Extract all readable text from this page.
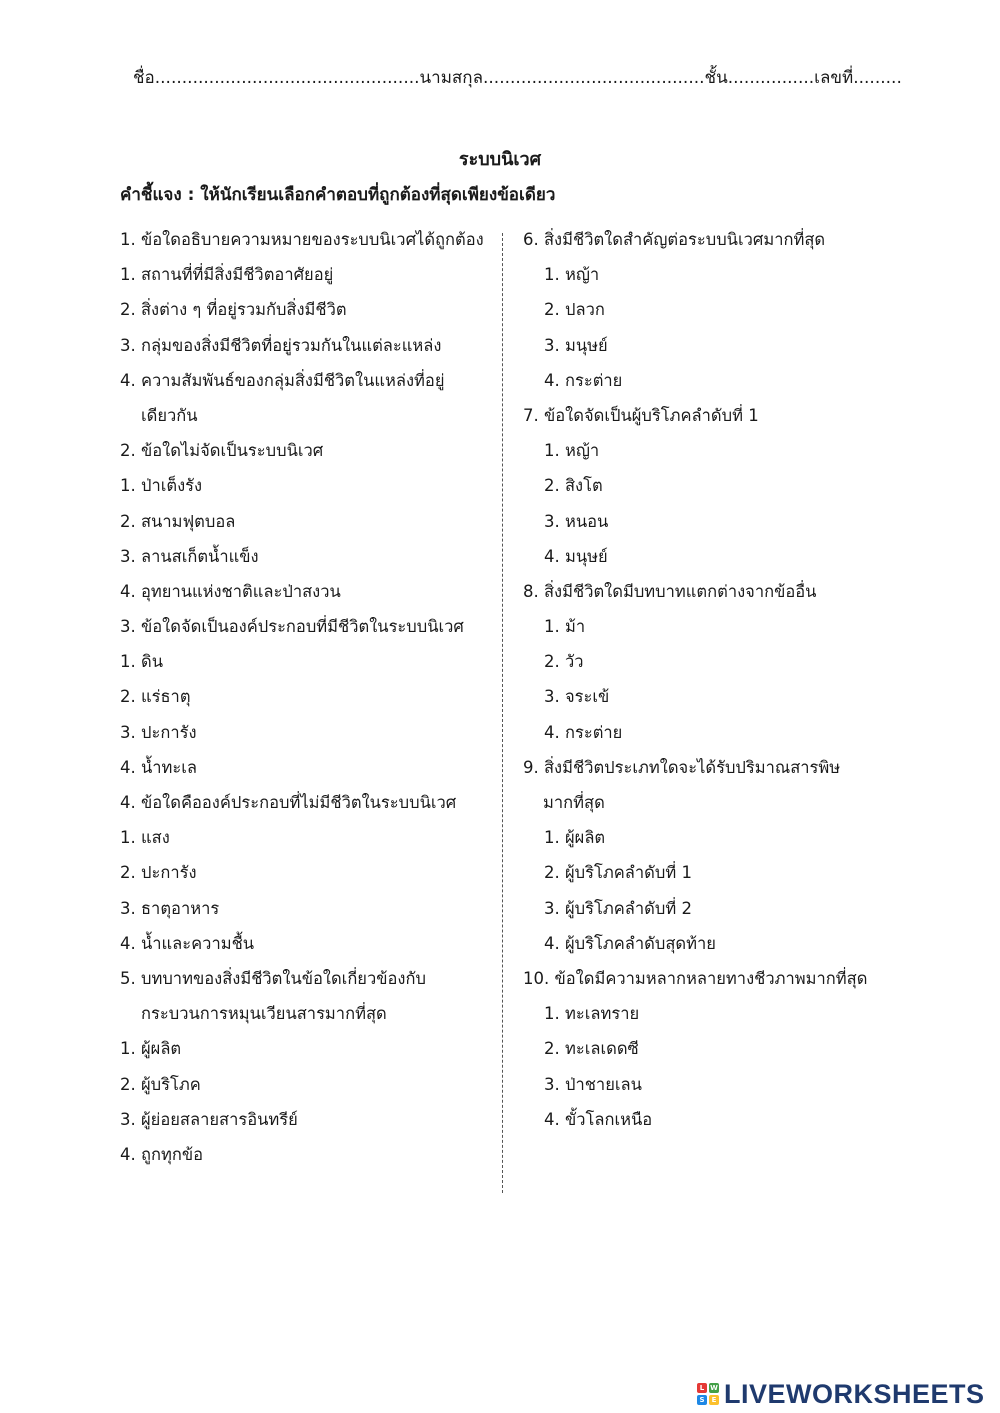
ชื่อ.................................................นามสกุล.........................................ชั้น................เลขที่.........
ระบบนิเวศ
คำชี้แจง : ให้นักเรียนเลือกคำตอบที่ถูกต้องที่สุดเพียงข้อเดียว
1. ข้อใดอธิบายความหมายของระบบนิเวศได้ถูกต้อง
1. สถานที่ที่มีสิ่งมีชีวิตอาศัยอยู่
2. สิ่งต่าง ๆ ที่อยู่รวมกับสิ่งมีชีวิต
3. กลุ่มของสิ่งมีชีวิตที่อยู่รวมกันในแต่ละแหล่ง
4. ความสัมพันธ์ของกลุ่มสิ่งมีชีวิตในแหล่งที่อยู่
เดียวกัน
2. ข้อใดไม่จัดเป็นระบบนิเวศ
1. ป่าเต็งรัง
2. สนามฟุตบอล
3. ลานสเก็ตน้ำแข็ง
4. อุทยานแห่งชาติและป่าสงวน
3. ข้อใดจัดเป็นองค์ประกอบที่มีชีวิตในระบบนิเวศ
1. ดิน
2. แร่ธาตุ
3. ปะการัง
4. น้ำทะเล
4. ข้อใดคือองค์ประกอบที่ไม่มีชีวิตในระบบนิเวศ
1. แสง
2. ปะการัง
3. ธาตุอาหาร
4. น้ำและความชื้น
5. บทบาทของสิ่งมีชีวิตในข้อใดเกี่ยวข้องกับ
กระบวนการหมุนเวียนสารมากที่สุด
1. ผู้ผลิต
2. ผู้บริโภค
3. ผู้ย่อยสลายสารอินทรีย์
4. ถูกทุกข้อ
6. สิ่งมีชีวิตใดสำคัญต่อระบบนิเวศมากที่สุด
1. หญ้า
2. ปลวก
3. มนุษย์
4. กระต่าย
7. ข้อใดจัดเป็นผู้บริโภคลำดับที่ 1
1. หญ้า
2. สิงโต
3. หนอน
4. มนุษย์
8. สิ่งมีชีวิตใดมีบทบาทแตกต่างจากข้ออื่น
1. ม้า
2. วัว
3. จระเข้
4. กระต่าย
9. สิ่งมีชีวิตประเภทใดจะได้รับปริมาณสารพิษ
มากที่สุด
1. ผู้ผลิต
2. ผู้บริโภคลำดับที่ 1
3. ผู้บริโภคลำดับที่ 2
4. ผู้บริโภคลำดับสุดท้าย
10. ข้อใดมีความหลากหลายทางชีวภาพมากที่สุด
1. ทะเลทราย
2. ทะเลเดดซี
3. ป่าชายเลน
4. ขั้วโลกเหนือ
L W
S	E LIVEWORKSHEETS
